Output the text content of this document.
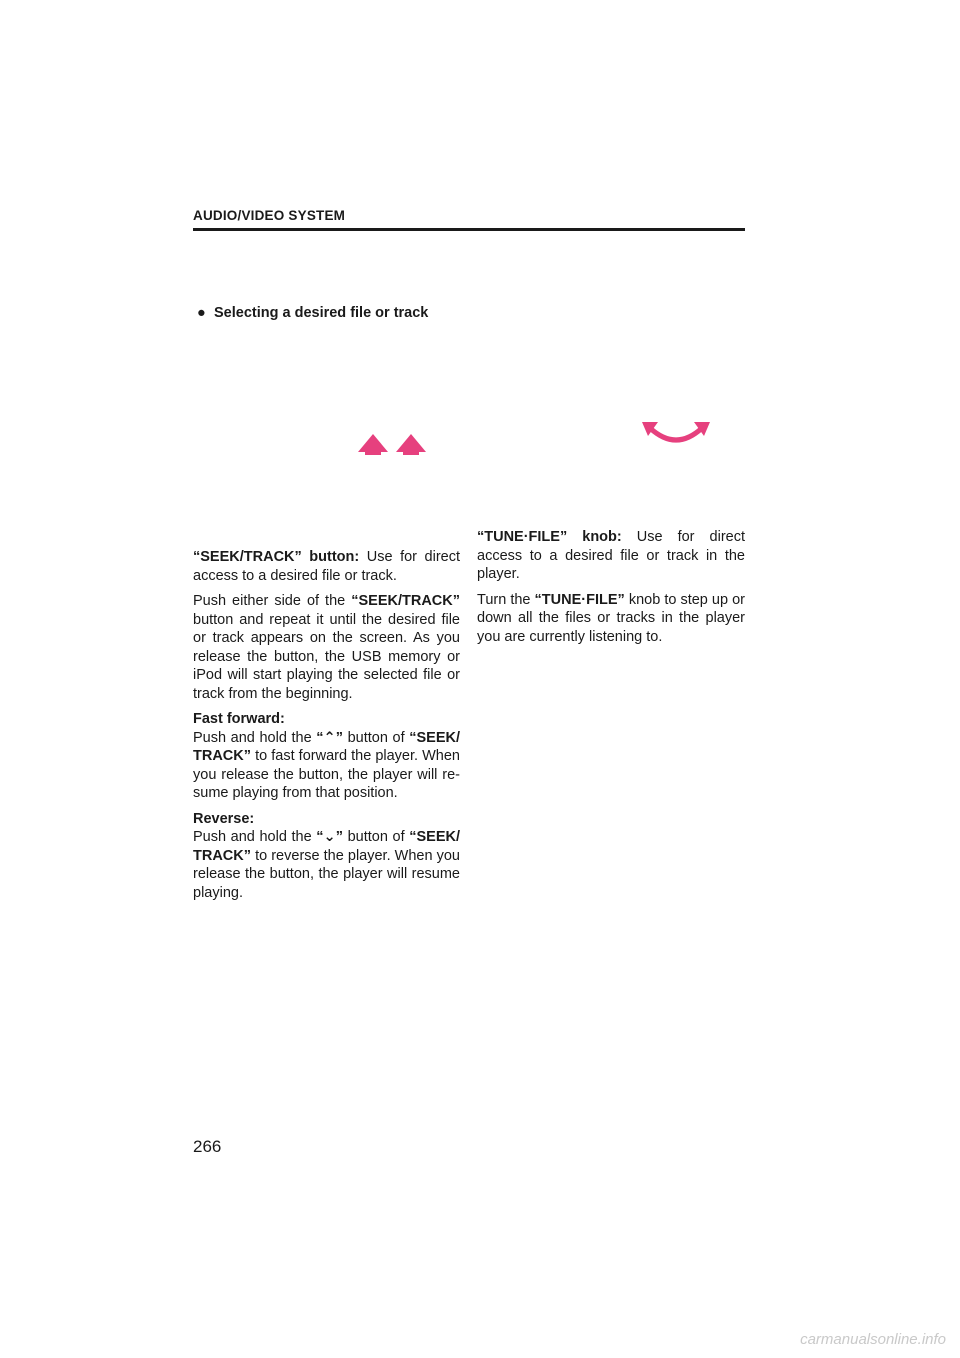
AUDIO/VIDEO SYSTEM
● Selecting a desired file or track

“SEEK/TRACK” button: Use for direct access to a desired file or track.

Push either side of the “SEEK/TRACK” button and repeat it until the desired file or track appears on the screen. As you release the button, the USB memory or iPod will start playing the selected file or track from the beginning.

Fast forward:
Push and hold the “⌃” button of “SEEK/ TRACK” to fast forward the player. When you release the button, the player will re-sume playing from that position.

Reverse:
Push and hold the “⌄” button of “SEEK/ TRACK” to reverse the player. When you release the button, the player will resume playing.

“TUNE·FILE” knob: Use for direct access to a desired file or track in the player.

Turn the “TUNE·FILE” knob to step up or down all the files or tracks in the player you are currently listening to.

266
carmanualsonline.info
